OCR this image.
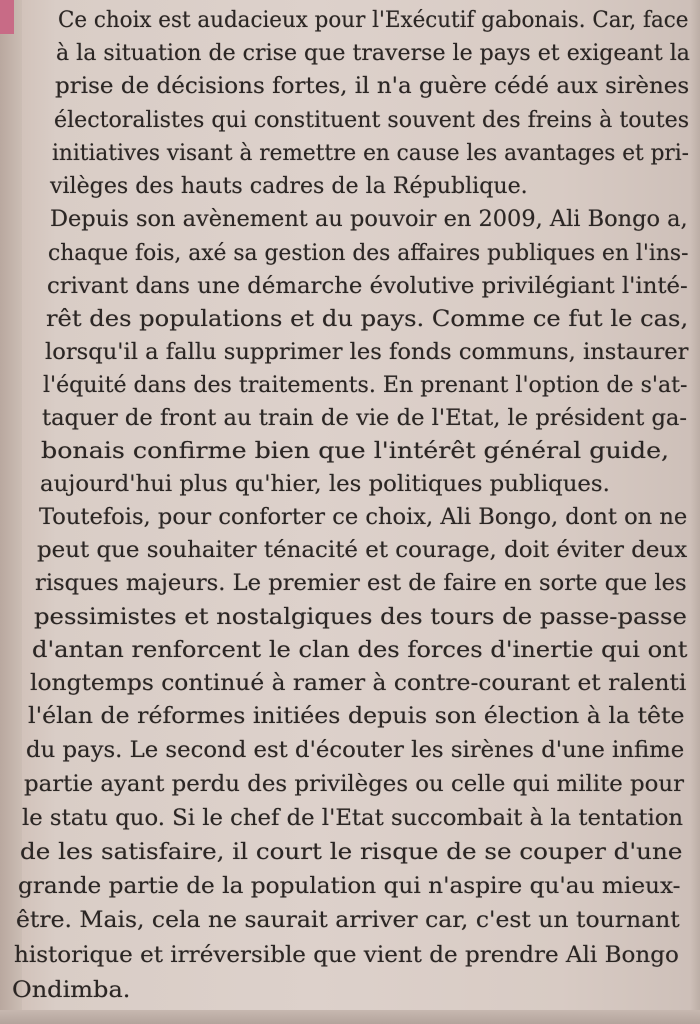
Ce choix est audacieux pour l'Exécutif gabonais. Car, face
à la situation de crise que traverse le pays et exigeant la
prise de décisions fortes, il n'a guère cédé aux sirènes
électoralistes qui constituent souvent des freins à toutes
initiatives visant à remettre en cause les avantages et pri-
vilèges des hauts cadres de la République.
Depuis son avènement au pouvoir en 2009, Ali Bongo a,
chaque fois, axé sa gestion des affaires publiques en l'ins-
crivant dans une démarche évolutive privilégiant l'inté-
rêt des populations et du pays. Comme ce fut le cas,
lorsqu'il a fallu supprimer les fonds communs, instaurer
l'équité dans des traitements. En prenant l'option de s'at-
taquer de front au train de vie de l'Etat, le président ga-
bonais confirme bien que l'intérêt général guide,
aujourd'hui plus qu'hier, les politiques publiques.
Toutefois, pour conforter ce choix, Ali Bongo, dont on ne
peut que souhaiter ténacité et courage, doit éviter deux
risques majeurs. Le premier est de faire en sorte que les
pessimistes et nostalgiques des tours de passe-passe
d'antan renforcent le clan des forces d'inertie qui ont
longtemps continué à ramer à contre-courant et ralenti
l'élan de réformes initiées depuis son élection à la tête
du pays. Le second est d'écouter les sirènes d'une infime
partie ayant perdu des privilèges ou celle qui milite pour
le statu quo. Si le chef de l'Etat succombait à la tentation
de les satisfaire, il court le risque de se couper d'une
grande partie de la population qui n'aspire qu'au mieux-
être. Mais, cela ne saurait arriver car, c'est un tournant
historique et irréversible que vient de prendre Ali Bongo
Ondimba.
